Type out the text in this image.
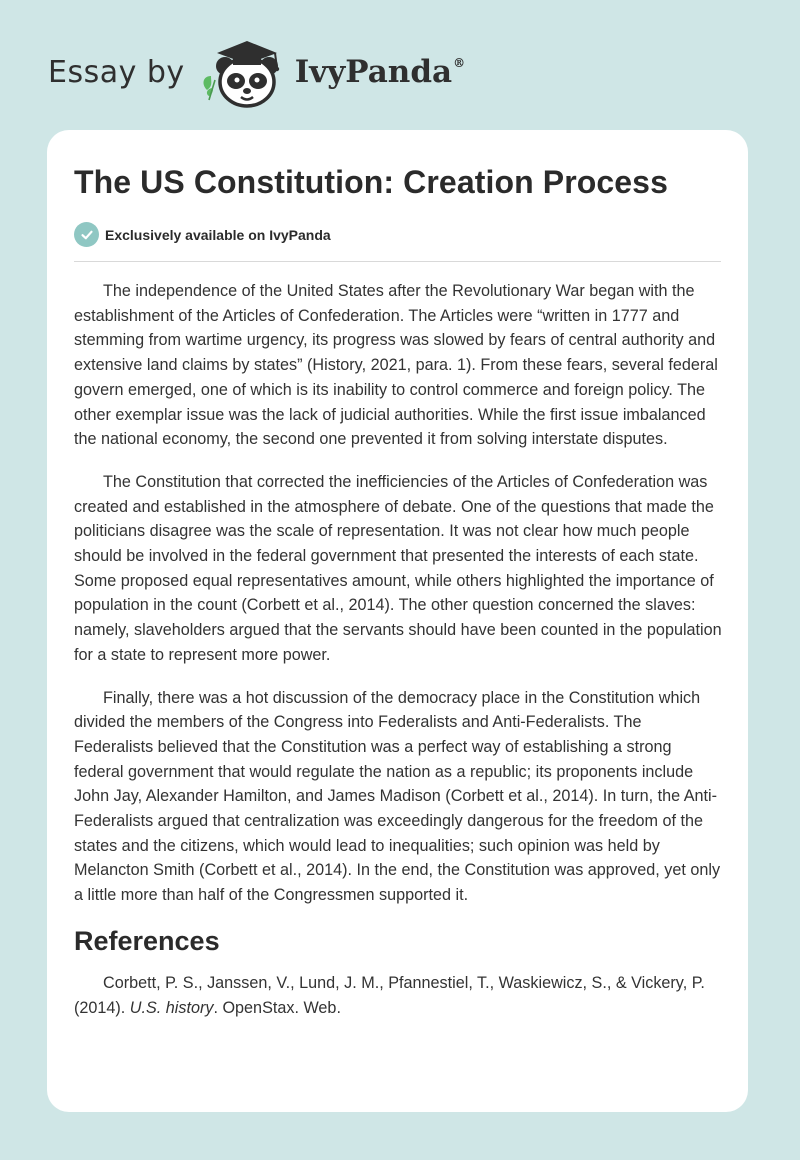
Essay by	IvyPanda®
The US Constitution: Creation Process
Exclusively available on IvyPanda

The independence of the United States after the Revolutionary War began with the establishment of the Articles of Confederation. The Articles were “written in 1777 and stemming from wartime urgency, its progress was slowed by fears of central authority and extensive land claims by states” (History, 2021, para. 1). From these fears, several federal govern emerged, one of which is its inability to control commerce and foreign policy. The other exemplar issue was the lack of judicial authorities. While the first issue imbalanced the national economy, the second one prevented it from solving interstate disputes.

The Constitution that corrected the inefficiencies of the Articles of Confederation was created and established in the atmosphere of debate. One of the questions that made the politicians disagree was the scale of representation. It was not clear how much people should be involved in the federal government that presented the interests of each state. Some proposed equal representatives amount, while others highlighted the importance of population in the count (Corbett et al., 2014). The other question concerned the slaves: namely, slaveholders argued that the servants should have been counted in the population for a state to represent more power.

Finally, there was a hot discussion of the democracy place in the Constitution which divided the members of the Congress into Federalists and Anti-Federalists. The Federalists believed that the Constitution was a perfect way of establishing a strong federal government that would regulate the nation as a republic; its proponents include John Jay, Alexander Hamilton, and James Madison (Corbett et al., 2014). In turn, the Anti-Federalists argued that centralization was exceedingly dangerous for the freedom of the states and the citizens, which would lead to inequalities; such opinion was held by Melancton Smith (Corbett et al., 2014). In the end, the Constitution was approved, yet only a little more than half of the Congressmen supported it.

References

Corbett, P. S., Janssen, V., Lund, J. M., Pfannestiel, T., Waskiewicz, S., & Vickery, P. (2014). U.S. history. OpenStax. Web.
